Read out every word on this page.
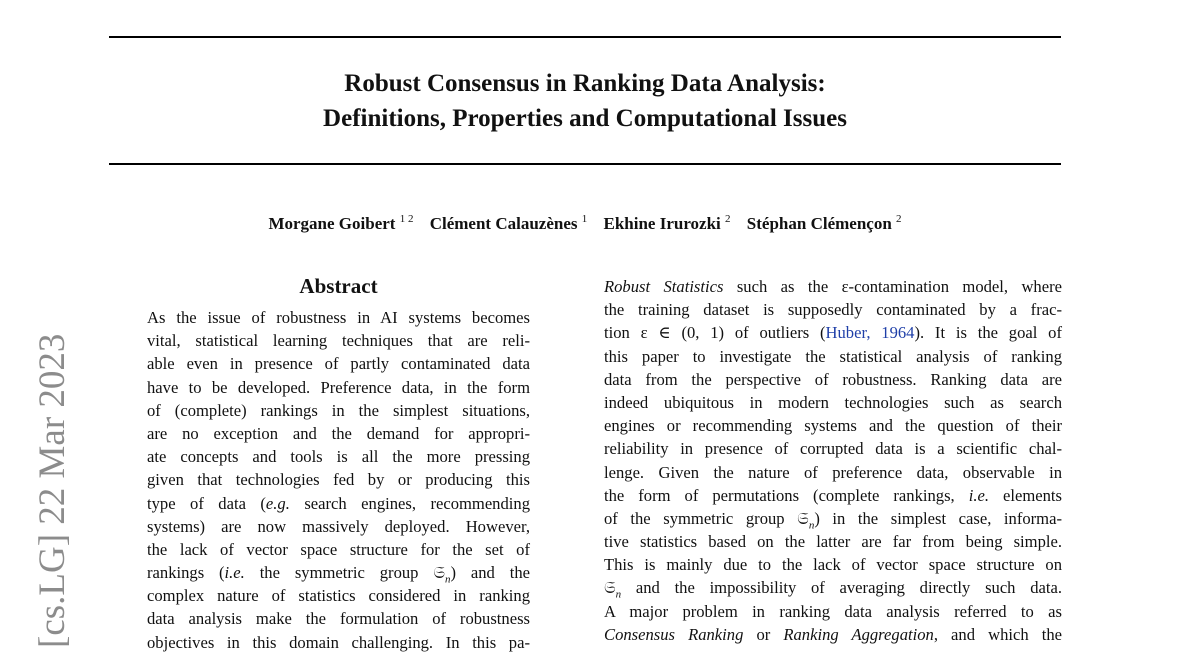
Robust Consensus in Ranking Data Analysis:
Definitions, Properties and Computational Issues
Morgane Goibert $^{1 2}$ Clément Calauzènes $^1$ Ekhine Irurozki $^2$ Stéphan Clémençon $^2$
[cs.LG] 22 Mar 2023
Abstract
As the issue of robustness in AI systems becomes
vital, statistical learning techniques that are reli-
able even in presence of partly contaminated data
have to be developed. Preference data, in the form
of (complete) rankings in the simplest situations,
are no exception and the demand for appropri-
ate concepts and tools is all the more pressing
given that technologies fed by or producing this
type of data (e.g. search engines, recommending
systems) are now massively deployed. However,
the lack of vector space structure for the set of
rankings (i.e. the symmetric group 𝔖$_n$) and the
complex nature of statistics considered in ranking
data analysis make the formulation of robustness
objectives in this domain challenging. In this pa-
Robust Statistics such as the ε-contamination model, where
the training dataset is supposedly contaminated by a frac-
tion ε ∈ (0, 1) of outliers (Huber, 1964). It is the goal of
this paper to investigate the statistical analysis of ranking
data from the perspective of robustness. Ranking data are
indeed ubiquitous in modern technologies such as search
engines or recommending systems and the question of their
reliability in presence of corrupted data is a scientific chal-
lenge. Given the nature of preference data, observable in
the form of permutations (complete rankings, i.e. elements
of the symmetric group 𝔖$_n$) in the simplest case, informa-
tive statistics based on the latter are far from being simple.
This is mainly due to the lack of vector space structure on
𝔖$_n$ and the impossibility of averaging directly such data.
A major problem in ranking data analysis referred to as
Consensus Ranking or Ranking Aggregation, and which the
